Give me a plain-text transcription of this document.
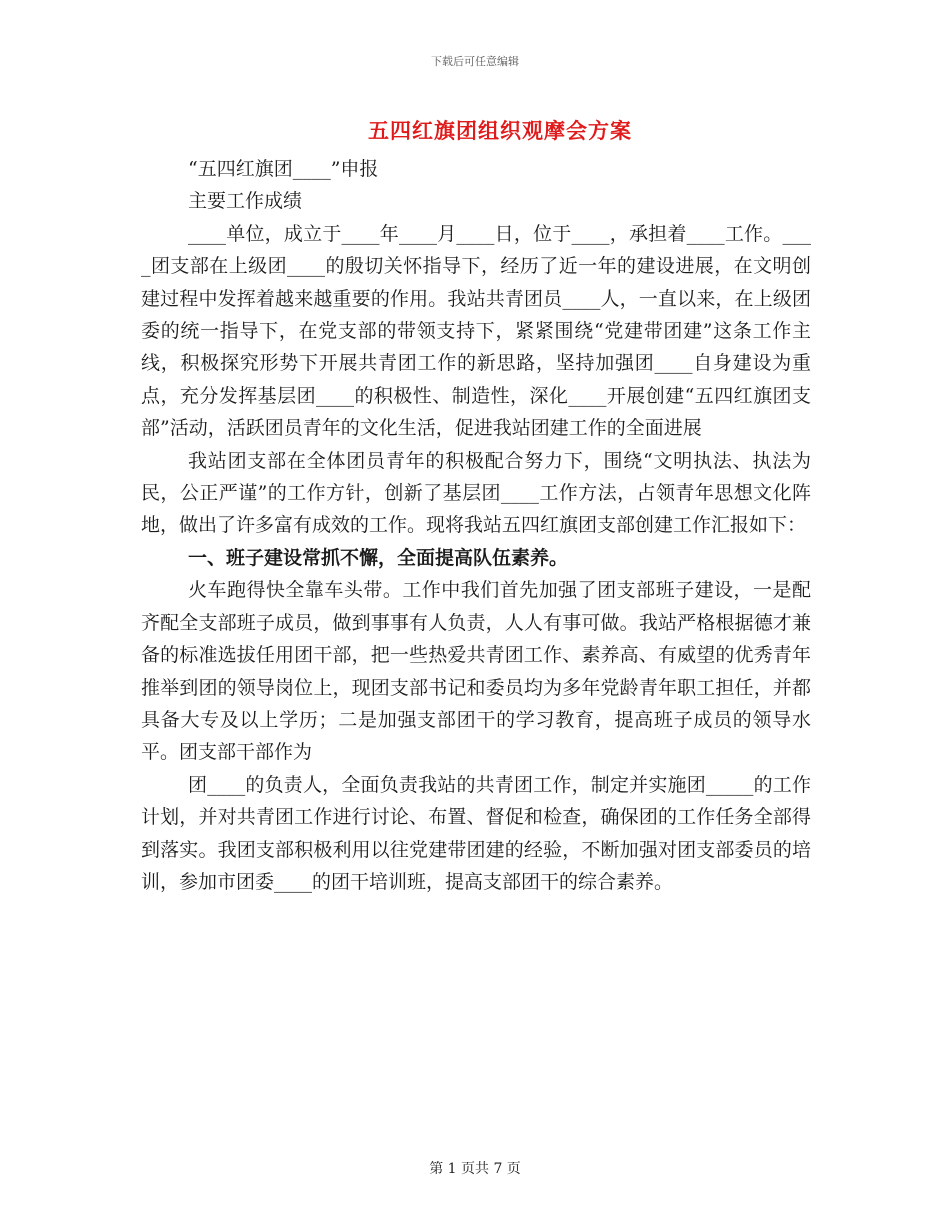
下载后可任意编辑
五四红旗团组织观摩会方案

“五四红旗团____”申报

主要工作成绩

____单位，成立于____年____月____日，位于____，承担着____工作。____团支部在上级团____的殷切关怀指导下，经历了近一年的建设进展，在文明创建过程中发挥着越来越重要的作用。我站共青团员____人，一直以来，在上级团委的统一指导下，在党支部的带领支持下，紧紧围绕“党建带团建”这条工作主线，积极探究形势下开展共青团工作的新思路，坚持加强团____自身建设为重点，充分发挥基层团____的积极性、制造性，深化____开展创建“五四红旗团支部”活动，活跃团员青年的文化生活，促进我站团建工作的全面进展

我站团支部在全体团员青年的积极配合努力下，围绕“文明执法、执法为民，公正严谨”的工作方针，创新了基层团____工作方法，占领青年思想文化阵地，做出了许多富有成效的工作。现将我站五四红旗团支部创建工作汇报如下：

一、班子建设常抓不懈，全面提高队伍素养。

火车跑得快全靠车头带。工作中我们首先加强了团支部班子建设，一是配齐配全支部班子成员，做到事事有人负责，人人有事可做。我站严格根据德才兼备的标准选拔任用团干部，把一些热爱共青团工作、素养高、有威望的优秀青年推举到团的领导岗位上，现团支部书记和委员均为多年党龄青年职工担任，并都具备大专及以上学历；二是加强支部团干的学习教育，提高班子成员的领导水平。团支部干部作为

团____的负责人，全面负责我站的共青团工作，制定并实施团_____的工作计划，并对共青团工作进行讨论、布置、督促和检查，确保团的工作任务全部得到落实。我团支部积极利用以往党建带团建的经验，不断加强对团支部委员的培训，参加市团委____的团干培训班，提高支部团干的综合素养。

第 1 页共 7 页
